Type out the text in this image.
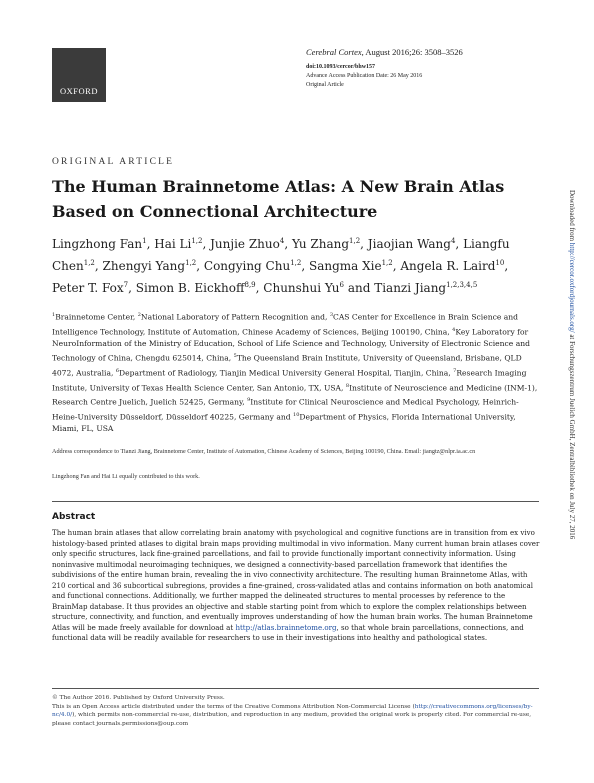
OXFORD
Cerebral Cortex, August 2016;26: 3508–3526
doi:10.1093/cercor/bhw157
Advance Access Publication Date: 26 May 2016
Original Article
ORIGINAL ARTICLE
The Human Brainnetome Atlas: A New Brain Atlas Based on Connectional Architecture
Lingzhong Fan$^1$, Hai Li$^{1,2}$, Junjie Zhuo$^4$, Yu Zhang$^{1,2}$, Jiaojian Wang$^4$, Liangfu Chen$^{1,2}$, Zhengyi Yang$^{1,2}$, Congying Chu$^{1,2}$, Sangma Xie$^{1,2}$, Angela R. Laird$^{10}$, Peter T. Fox$^7$, Simon B. Eickhoff$^{8,9}$, Chunshui Yu$^6$ and Tianzi Jiang$^{1,2,3,4,5}$
$^1$Brainnetome Center, $^2$National Laboratory of Pattern Recognition and, $^3$CAS Center for Excellence in Brain Science and Intelligence Technology, Institute of Automation, Chinese Academy of Sciences, Beijing 100190, China, $^4$Key Laboratory for NeuroInformation of the Ministry of Education, School of Life Science and Technology, University of Electronic Science and Technology of China, Chengdu 625014, China, $^5$The Queensland Brain Institute, University of Queensland, Brisbane, QLD 4072, Australia, $^6$Department of Radiology, Tianjin Medical University General Hospital, Tianjin, China, $^7$Research Imaging Institute, University of Texas Health Science Center, San Antonio, TX, USA, $^8$Institute of Neuroscience and Medicine (INM-1), Research Centre Juelich, Juelich 52425, Germany, $^9$Institute for Clinical Neuroscience and Medical Psychology, Heinrich-Heine-University Düsseldorf, Düsseldorf 40225, Germany and $^{10}$Department of Physics, Florida International University, Miami, FL, USA
Address correspondence to Tianzi Jiang, Brainnetome Center, Institute of Automation, Chinese Academy of Sciences, Beijing 100190, China. Email: jiangtz@nlpr.ia.ac.cn
Lingzhong Fan and Hai Li equally contributed to this work.
Abstract
The human brain atlases that allow correlating brain anatomy with psychological and cognitive functions are in transition from ex vivo histology-based printed atlases to digital brain maps providing multimodal in vivo information. Many current human brain atlases cover only specific structures, lack fine-grained parcellations, and fail to provide functionally important connectivity information. Using noninvasive multimodal neuroimaging techniques, we designed a connectivity-based parcellation framework that identifies the subdivisions of the entire human brain, revealing the in vivo connectivity architecture. The resulting human Brainnetome Atlas, with 210 cortical and 36 subcortical subregions, provides a fine-grained, cross-validated atlas and contains information on both anatomical and functional connections. Additionally, we further mapped the delineated structures to mental processes by reference to the BrainMap database. It thus provides an objective and stable starting point from which to explore the complex relationships between structure, connectivity, and function, and eventually improves understanding of how the human brain works. The human Brainnetome Atlas will be made freely available for download at http://atlas.brainnetome.org, so that whole brain parcellations, connections, and functional data will be readily available for researchers to use in their investigations into healthy and pathological states.
© The Author 2016. Published by Oxford University Press.
This is an Open Access article distributed under the terms of the Creative Commons Attribution Non-Commercial License (http://creativecommons.org/licenses/by-nc/4.0/), which permits non-commercial re-use, distribution, and reproduction in any medium, provided the original work is properly cited. For commercial re-use, please contact journals.permissions@oup.com
Downloaded from http://cercor.oxfordjournals.org/ at Forschungszentrum Juelich GmbH, Zentralbibliothek on July 27, 2016
